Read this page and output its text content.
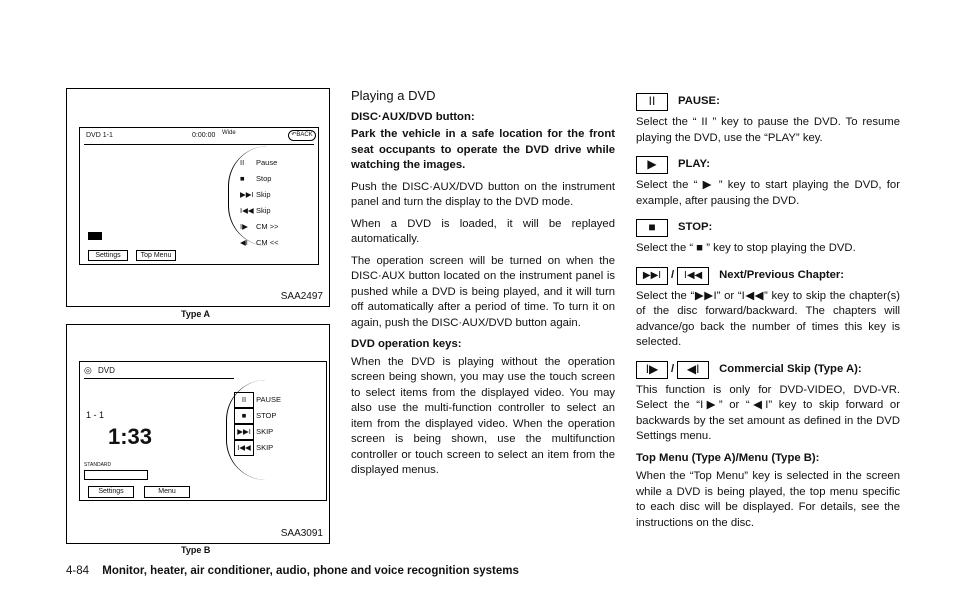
DVD 1-1	0:00:00 Wide	↶BACK
II Pause
■ Stop
▶▶I Skip
I◀◀ Skip
I▶ CM >>
◀I CM <<
Settings	Top Menu
SAA2497
Type A
◎ DVD
1 - 1
1:33
STANDARD
II PAUSE
■ STOP
▶▶I SKIP
I◀◀ SKIP
Settings	Menu
SAA3091
Type B
Playing a DVD

DISC·AUX/DVD button:

Park the vehicle in a safe location for the front seat occupants to operate the DVD drive while watching the images.

Push the DISC·AUX/DVD button on the instrument panel and turn the display to the DVD mode.

When a DVD is loaded, it will be replayed automatically.

The operation screen will be turned on when the DISC·AUX button located on the instrument panel is pushed while a DVD is being played, and it will turn off automatically after a period of time. To turn it on again, push the DISC·AUX/DVD button again.

DVD operation keys:

When the DVD is playing without the operation screen being shown, you may use the touch screen to select items from the displayed video. You may also use the multi-function controller to select an item from the displayed video. When the operation screen is being shown, use the multifunction controller or touch screen to select an item from the displayed menus.

II	PAUSE:

Select the “ II ” key to pause the DVD. To resume playing the DVD, use the “PLAY” key.

▶	PLAY:

Select the “ ▶ ” key to start playing the DVD, for example, after pausing the DVD.

■	STOP:

Select the “ ■ ” key to stop playing the DVD.

▶▶I / I◀◀	Next/Previous Chapter:

Select the “▶▶I” or “I◀◀” key to skip the chapter(s) of the disc forward/backward. The chapters will advance/go back the number of times this key is selected.

I▶	/	◀I	Commercial Skip (Type A):

This function is only for DVD-VIDEO, DVD-VR. Select the “I▶” or “◀I” key to skip forward or backwards by the set amount as defined in the DVD Settings menu.

Top Menu (Type A)/Menu (Type B):

When the “Top Menu” key is selected in the screen while a DVD is being played, the top menu specific to each disc will be displayed. For details, see the instructions on the disc.

4-84 Monitor, heater, air conditioner, audio, phone and voice recognition systems
